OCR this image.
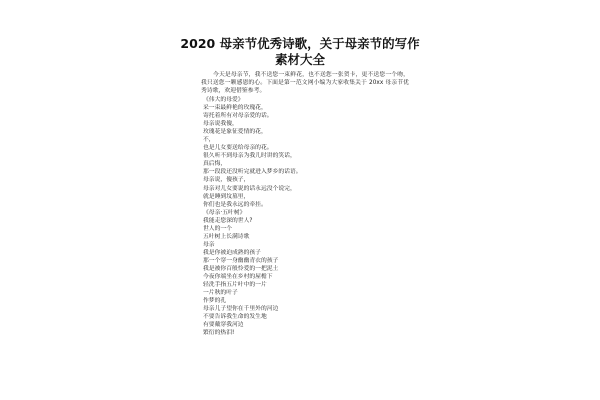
2020 母亲节优秀诗歌，关于母亲节的写作素材大全

今天是母亲节，我不送您一束鲜花，也不送您一张贺卡，更不送您一个吻，我只送您一颗感恩的心。下面是第一范文网小编为大家收集关于 20xx 母亲节优秀诗歌，欢迎借鉴参考。

《伟大的母爱》
采一束最鲜艳的玫瑰花，
寄托着所有对母亲爱的话。
母亲说我傻，
玫瑰花是象征爱情的花，
不，
也是儿女要送给母亲的花。
很久听不到母亲为我儿时讲的笑话，
真后悔，
那一段段还没听完就进入梦乡的话语。
母亲说，傻孩子，
母亲对儿女要说的话永远没个说完，
就是睡到坟墓里，
你们也是我永远的牵挂。
《母亲·五叶树》
我能走您深的世人?
世人的一个
五叶树上长满诗歌
母亲
我是你被迫成熟的孩子
那一个穿一身幽幽青衣的孩子
我是被你百般怜爱的一把泥土
今夜你端坐在乡村的屋檐下
轻洗手指五片叶中的一片
一片秋的叶子
作梦的孔
母亲儿子望你在千里外的河边
不要告诉我生命的发生地
有要戴穿我河边
繁衍的热泪!
